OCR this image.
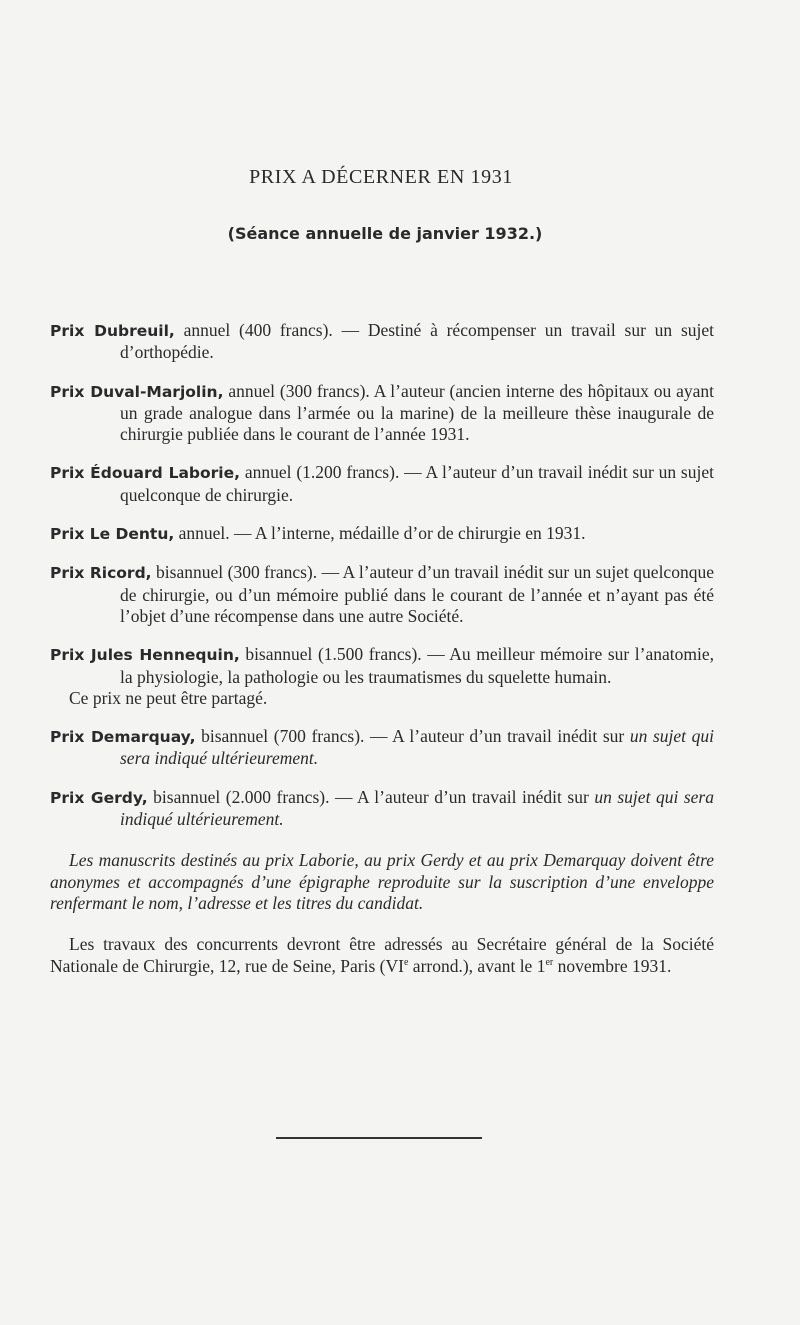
PRIX A DÉCERNER EN 1931
(Séance annuelle de janvier 1932.)

Prix Dubreuil, annuel (400 francs). — Destiné à récompenser un travail sur un sujet d’orthopédie.

Prix Duval-Marjolin, annuel (300 francs). A l’auteur (ancien interne des hôpitaux ou ayant un grade analogue dans l’armée ou la marine) de la meilleure thèse inaugurale de chirurgie publiée dans le courant de l’année 1931.

Prix Édouard Laborie, annuel (1.200 francs). — A l’auteur d’un travail inédit sur un sujet quelconque de chirurgie.

Prix Le Dentu, annuel. — A l’interne, médaille d’or de chirurgie en 1931.

Prix Ricord, bisannuel (300 francs). — A l’auteur d’un travail inédit sur un sujet quelconque de chirurgie, ou d’un mémoire publié dans le courant de l’année et n’ayant pas été l’objet d’une récompense dans une autre Société.

Prix Jules Hennequin, bisannuel (1.500 francs). — Au meilleur mémoire sur l’anatomie, la physiologie, la pathologie ou les traumatismes du squelette humain.

Ce prix ne peut être partagé.

Prix Demarquay, bisannuel (700 francs). — A l’auteur d’un travail inédit sur un sujet qui sera indiqué ultérieurement.

Prix Gerdy, bisannuel (2.000 francs). — A l’auteur d’un travail inédit sur un sujet qui sera indiqué ultérieurement.

Les manuscrits destinés au prix Laborie, au prix Gerdy et au prix Demarquay doivent être anonymes et accompagnés d’une épigraphe reproduite sur la suscription d’une enveloppe renfermant le nom, l’adresse et les titres du candidat.

Les travaux des concurrents devront être adressés au Secrétaire général de la Société Nationale de Chirurgie, 12, rue de Seine, Paris (VIe arrond.), avant le 1er novembre 1931.
